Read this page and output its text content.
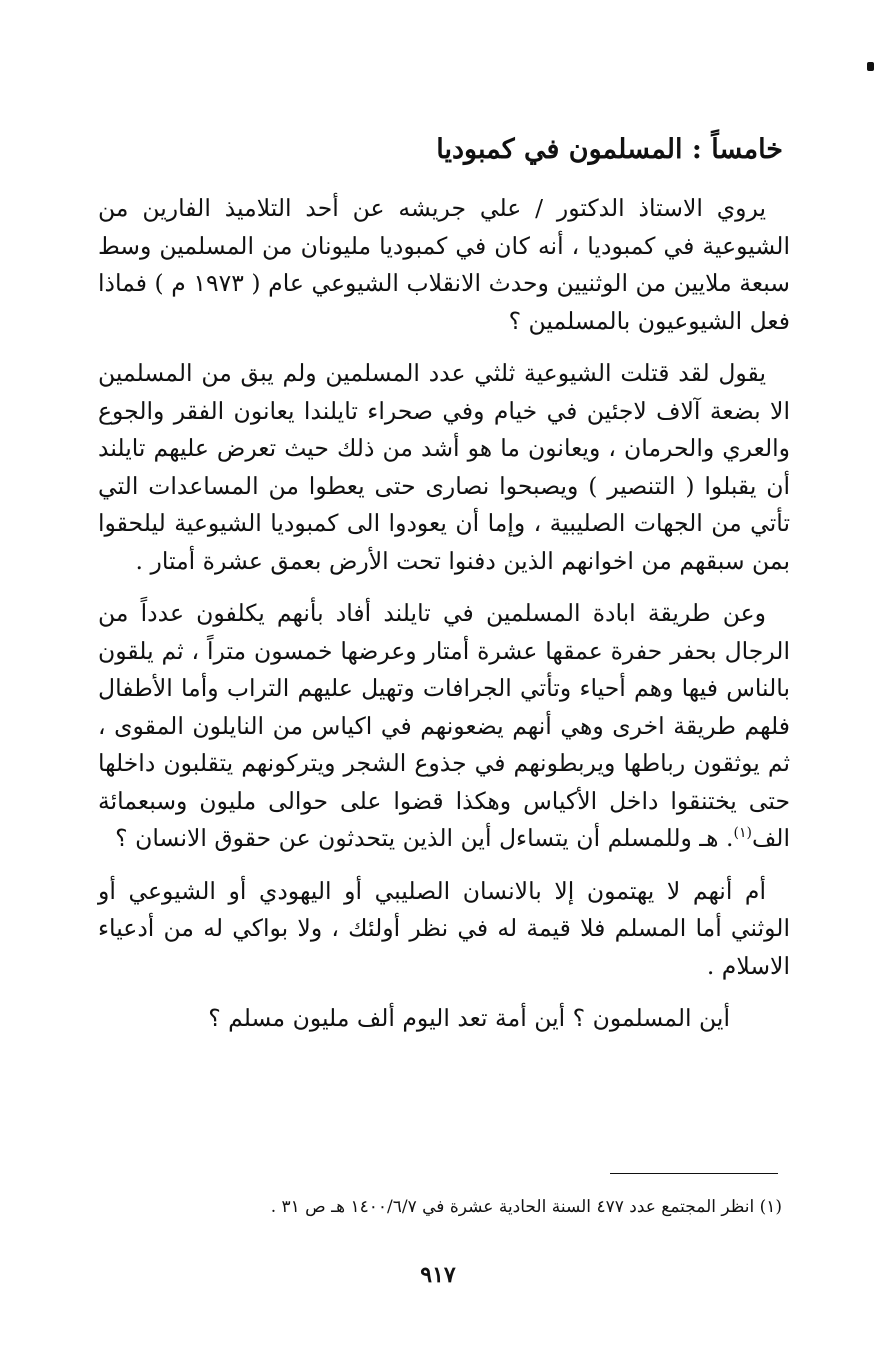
خامساً : المسلمون في كمبوديا

يروي الاستاذ الدكتور / علي جريشه عن أحد التلاميذ الفارين من الشيوعية في كمبوديا ، أنه كان في كمبوديا مليونان من المسلمين وسط سبعة ملايين من الوثنيين وحدث الانقلاب الشيوعي عام ( ١٩٧٣ م ) فماذا فعل الشيوعيون بالمسلمين ؟

يقول لقد قتلت الشيوعية ثلثي عدد المسلمين ولم يبق من المسلمين الا بضعة آلاف لاجئين في خيام وفي صحراء تايلندا يعانون الفقر والجوع والعري والحرمان ، ويعانون ما هو أشد من ذلك حيث تعرض عليهم تايلند أن يقبلوا ( التنصير ) ويصبحوا نصارى حتى يعطوا من المساعدات التي تأتي من الجهات الصليبية ، وإما أن يعودوا الى كمبوديا الشيوعية ليلحقوا بمن سبقهم من اخوانهم الذين دفنوا تحت الأرض بعمق عشرة أمتار .

وعن طريقة ابادة المسلمين في تايلند أفاد بأنهم يكلفون عدداً من الرجال بحفر حفرة عمقها عشرة أمتار وعرضها خمسون متراً ، ثم يلقون بالناس فيها وهم أحياء وتأتي الجرافات وتهيل عليهم التراب وأما الأطفال فلهم طريقة اخرى وهي أنهم يضعونهم في اكياس من النايلون المقوى ، ثم يوثقون رباطها ويربطونهم في جذوع الشجر ويتركونهم يتقلبون داخلها حتى يختنقوا داخل الأكياس وهكذا قضوا على حوالى مليون وسبعمائة الف$^{(١)}$. هـ وللمسلم أن يتساءل أين الذين يتحدثون عن حقوق الانسان ؟

أم أنهم لا يهتمون إلا بالانسان الصليبي أو اليهودي أو الشيوعي أو الوثني أما المسلم فلا قيمة له في نظر أولئك ، ولا بواكي له من أدعياء الاسلام .

أين المسلمون ؟ أين أمة تعد اليوم ألف مليون مسلم ؟

(١) انظر المجتمع عدد ٤٧٧ السنة الحادية عشرة في ١٤٠٠/٦/٧ هـ ص ٣١ .
٩١٧
